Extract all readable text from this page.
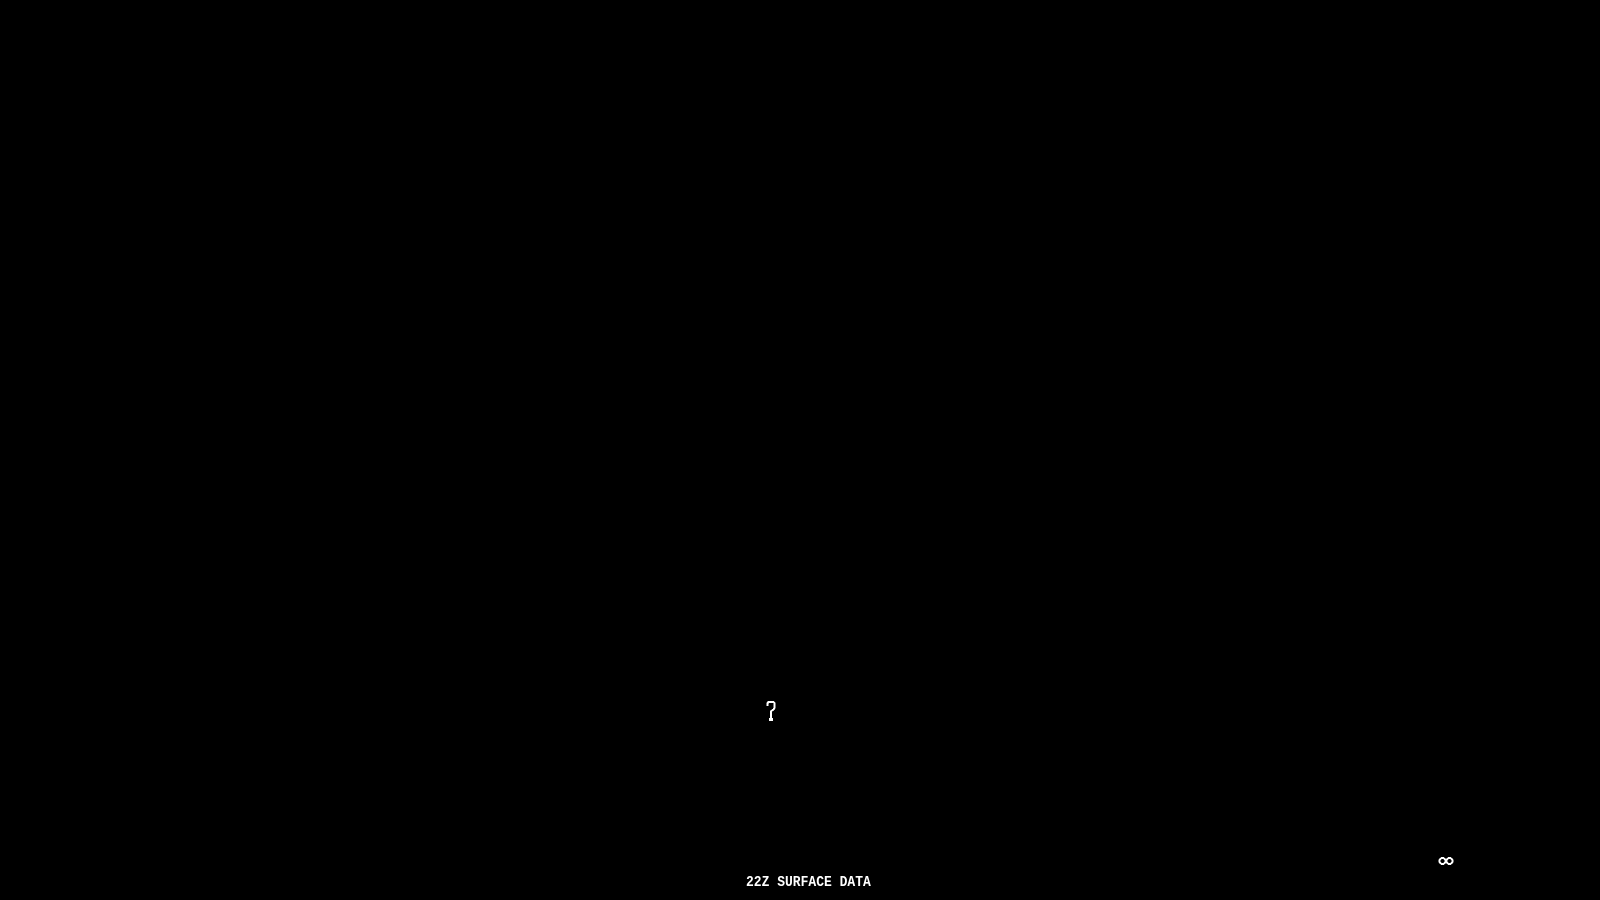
22Z SURFACE DATA
